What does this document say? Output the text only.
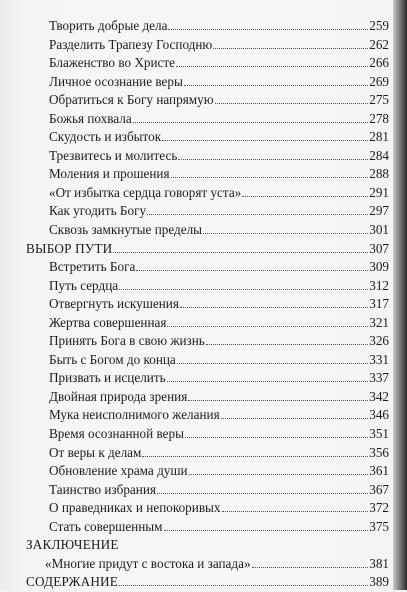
Творить добрые дела	259
Разделить Трапезу Господню	262
Блаженство во Христе	266
Личное осознание веры	269
Обратиться к Богу напрямую	275
Божья похвала	278
Скудость и избыток	281
Трезвитесь и молитесь	284
Моления и прошения	288
«От избытка сердца говорят уста»	291
Как угодить Богу	297
Сквозь замкнутые пределы	301
ВЫБОР ПУТИ	307
Встретить Бога	309
Путь сердца	312
Отвергнуть искушения	317
Жертва совершенная	321
Принять Бога в свою жизнь	326
Быть с Богом до конца	331
Призвать и исцелить	337
Двойная природа зрения	342
Мука неисполнимого желания	346
Время осознанной веры	351
От веры к делам	356
Обновление храма души	361
Таинство избрания	367
О праведниках и непокоривых	372
Стать совершенным	375
ЗАКЛЮЧЕНИЕ
«Многие придут с востока и запада»	381
СОДЕРЖАНИЕ	389
